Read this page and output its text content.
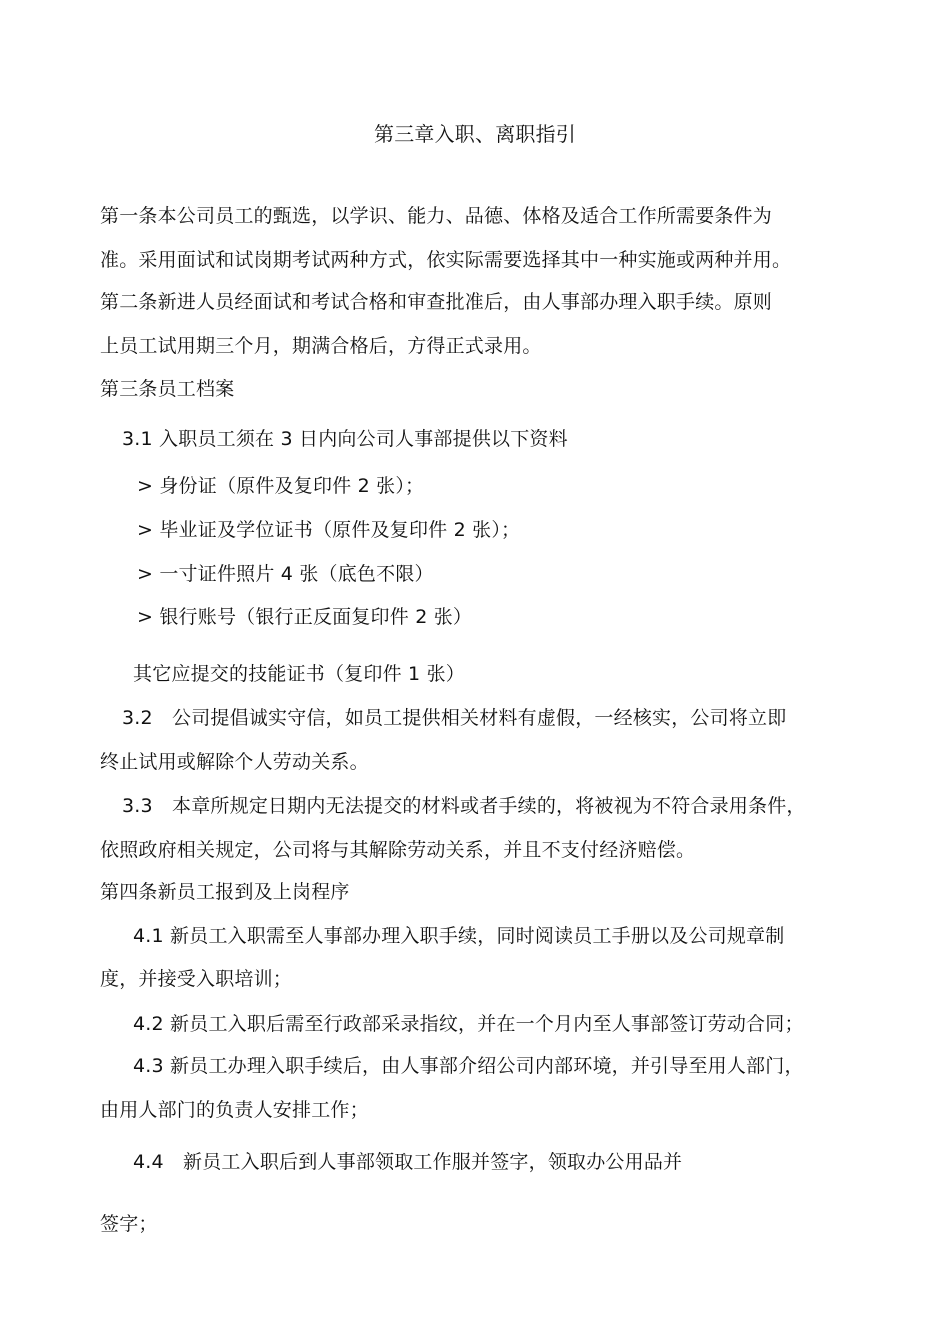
第三章入职、离职指引
第一条本公司员工的甄选，以学识、能力、品德、体格及适合工作所需要条件为
准。采用面试和试岗期考试两种方式，依实际需要选择其中一种实施或两种并用。
第二条新进人员经面试和考试合格和审查批准后，由人事部办理入职手续。原则
上员工试用期三个月，期满合格后，方得正式录用。
第三条员工档案
3.1 入职员工须在 3 日内向公司人事部提供以下资料
> 身份证（原件及复印件 2 张）；
> 毕业证及学位证书（原件及复印件 2 张）；
> 一寸证件照片 4 张（底色不限）
> 银行账号（银行正反面复印件 2 张）
其它应提交的技能证书（复印件 1 张）
3.2　公司提倡诚实守信，如员工提供相关材料有虚假，一经核实，公司将立即
终止试用或解除个人劳动关系。
3.3　本章所规定日期内无法提交的材料或者手续的，将被视为不符合录用条件，
依照政府相关规定，公司将与其解除劳动关系，并且不支付经济赔偿。
第四条新员工报到及上岗程序
4.1 新员工入职需至人事部办理入职手续，同时阅读员工手册以及公司规章制
度，并接受入职培训；
4.2 新员工入职后需至行政部采录指纹，并在一个月内至人事部签订劳动合同；
4.3 新员工办理入职手续后，由人事部介绍公司内部环境，并引导至用人部门，
由用人部门的负责人安排工作；
4.4　新员工入职后到人事部领取工作服并签字，领取办公用品并
签字；
